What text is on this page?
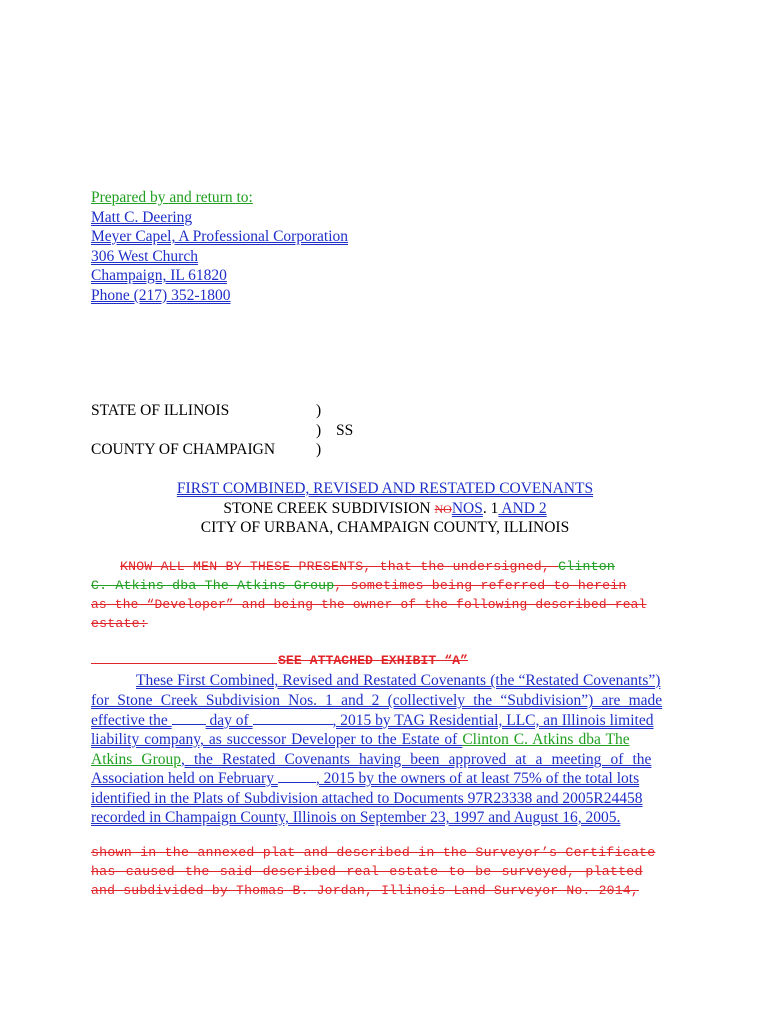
Prepared by and return to:
Matt C. Deering
Meyer Capel, A Professional Corporation
306 West Church
Champaign, IL 61820
Phone (217) 352-1800
STATE OF ILLINOIS	)
) SS
COUNTY OF CHAMPAIGN	)
FIRST COMBINED, REVISED AND RESTATED COVENANTS
STONE CREEK SUBDIVISION NONOS. 1 AND 2
CITY OF URBANA, CHAMPAIGN COUNTY, ILLINOIS
KNOW ALL MEN BY THESE PRESENTS, that the undersigned, Clinton
C. Atkins dba The Atkins Group, sometimes being referred to herein
as the “Developer” and being the owner of the following described real
estate:
SEE ATTACHED EXHIBIT “A”
These First Combined, Revised and Restated Covenants (the “Restated Covenants”)
for Stone Creek Subdivision Nos. 1 and 2 (collectively the “Subdivision”) are made
effective the  day of	, 2015 by TAG Residential, LLC, an Illinois limited
liability company, as successor Developer to the Estate of Clinton C. Atkins dba The
Atkins Group, the Restated Covenants having been approved at a meeting of the
Association held on February , 2015 by the owners of at least 75% of the total lots
identified in the Plats of Subdivision attached to Documents 97R23338 and 2005R24458
recorded in Champaign County, Illinois on September 23, 1997 and August 16, 2005.
shown in the annexed plat and described in the Surveyor’s Certificate
has caused the said described real estate to be surveyed, platted
and subdivided by Thomas B. Jordan, Illinois Land Surveyor No. 2014,
